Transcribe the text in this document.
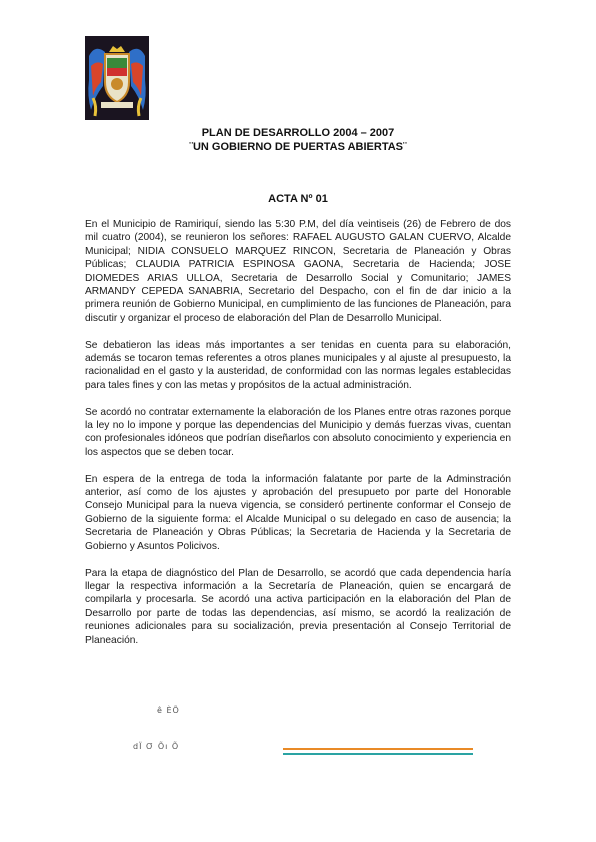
PLAN DE DESARROLLO 2004 – 2007
¨UN GOBIERNO DE PUERTAS ABIERTAS¨
ACTA Nº 01

En el Municipio de Ramiriquí, siendo las 5:30 P.M, del día veintiseis (26) de Febrero de dos mil cuatro (2004), se reunieron los señores: RAFAEL AUGUSTO GALAN CUERVO, Alcalde Municipal; NIDIA CONSUELO MARQUEZ RINCON, Secretaria de Planeación y Obras Públicas; CLAUDIA PATRICIA ESPINOSA GAONA, Secretaria de Hacienda; JOSE DIOMEDES ARIAS ULLOA, Secretaria de Desarrollo Social y Comunitario; JAMES ARMANDY CEPEDA SANABRIA, Secretario del Despacho, con el fin de dar inicio a la primera reunión de Gobierno Municipal, en cumplimiento de las funciones de Planeación, para discutir y organizar el proceso de elaboración del Plan de Desarrollo Municipal.

Se debatieron las ideas más importantes a ser tenidas en cuenta para su elaboración, además se tocaron temas referentes a otros planes municipales y al ajuste al presupuesto, la racionalidad en el gasto y la austeridad, de conformidad con las normas legales establecidas para tales fines y con las metas y propósitos de la actual administración.

Se acordó no contratar externamente la elaboración de los Planes entre otras razones porque la ley no lo impone y porque las dependencias del Municipio y demás fuerzas vivas, cuentan con profesionales idóneos que podrían diseñarlos con absoluto conocimiento y experiencia en los aspectos que se deben tocar.

En espera de la entrega de toda la información falatante por parte de la Adminstración anterior, así como de los ajustes y aprobación del presupueto por parte del Honorable Consejo Municipal para la nueva vigencia, se consideró pertinente conformar el Consejo de Gobierno de la siguiente forma: el Alcalde Municipal o su delegado en caso de ausencia; la Secretaria de Planeación y Obras Públicas; la Secretaria de Hacienda y la Secretaria de Gobierno y Asuntos Policivos.

Para la etapa de diagnóstico del Plan de Desarrollo, se acordó que cada dependencia haría llegar la respectiva información a la Secretaría de Planeación, quien se encargará de compilarla y procesarla. Se acordó una activa participación en la elaboración del Plan de Desarrollo por parte de todas las dependencias, así mismo, se acordó la realización de reuniones adicionales para su socialización, previa presentación al Consejo Territorial de Planeación.

ê ÈÕ
dÏ Ơ Õı Õ
